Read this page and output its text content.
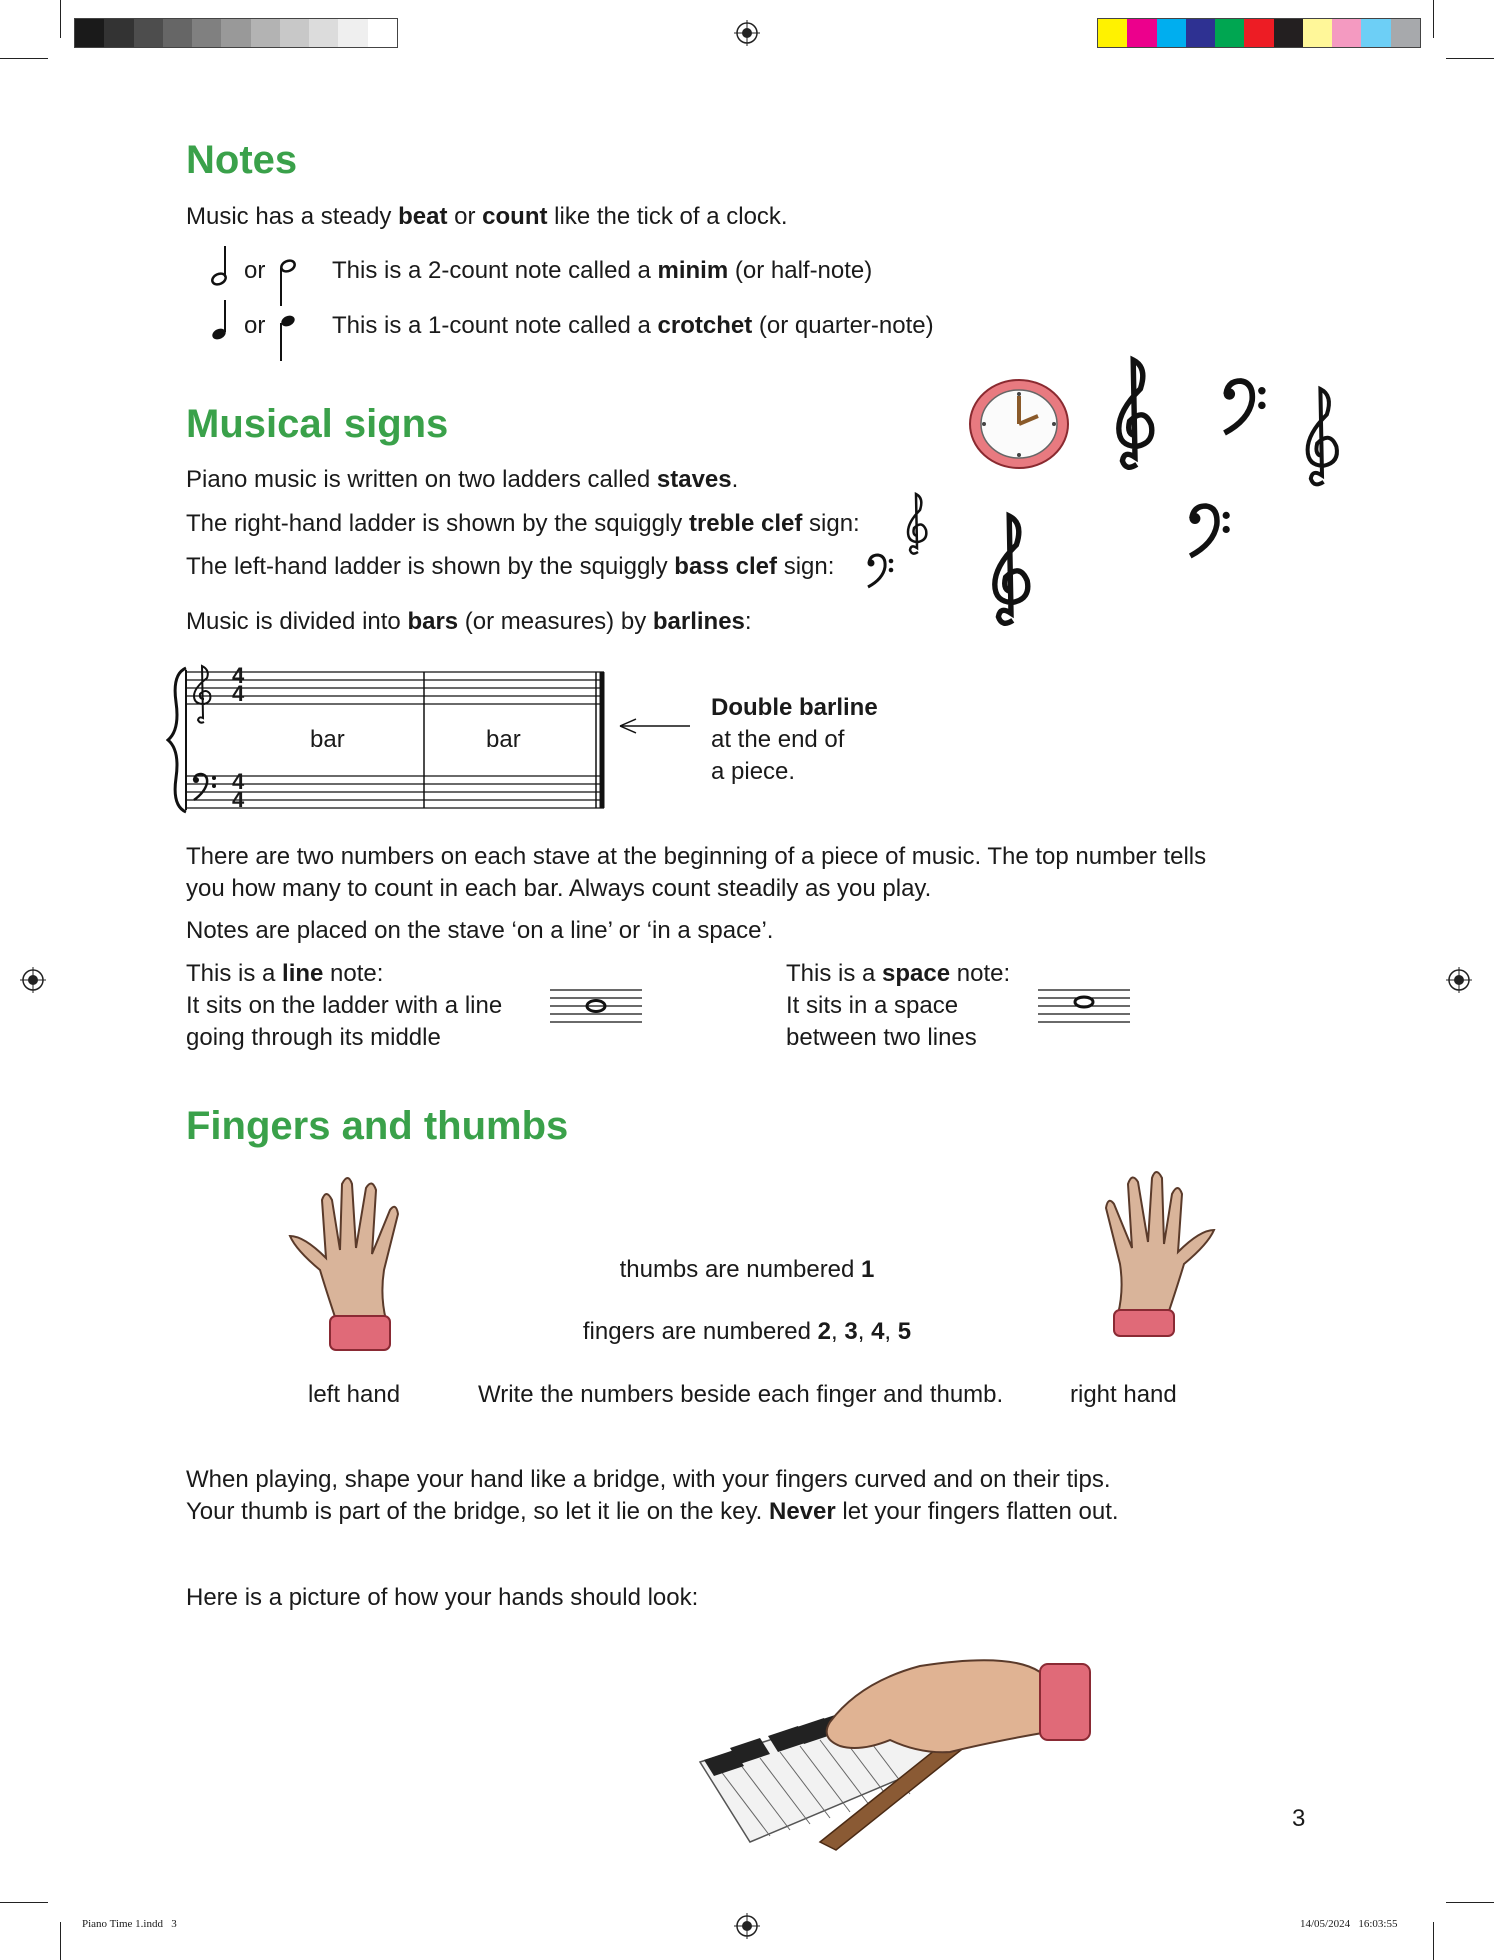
Notes
Music has a steady beat or count like the tick of a clock.
or	This is a 2-count note called a minim (or half-note)
or	This is a 1-count note called a crotchet (or quarter-note)
Musical signs
Piano music is written on two ladders called staves.
The right-hand ladder is shown by the squiggly treble clef sign:
The left-hand ladder is shown by the squiggly bass clef sign:
Music is divided into bars (or measures) by barlines:
4
4
4
4
bar	bar
Double barline
at the end of
a piece.
There are two numbers on each stave at the beginning of a piece of music. The top number tells
you how many to count in each bar. Always count steadily as you play.
Notes are placed on the stave ‘on a line’ or ‘in a space’.
This is a line note:
It sits on the ladder with a line
going through its middle
This is a space note:
It sits in a space
between two lines
Fingers and thumbs
thumbs are numbered 1
fingers are numbered 2, 3, 4, 5
left hand	Write the numbers beside each finger and thumb.	right hand
When playing, shape your hand like a bridge, with your fingers curved and on their tips.
Your thumb is part of the bridge, so let it lie on the key. Never let your fingers flatten out.
Here is a picture of how your hands should look:
3
Piano Time 1.indd   3	14/05/2024   16:03:55
